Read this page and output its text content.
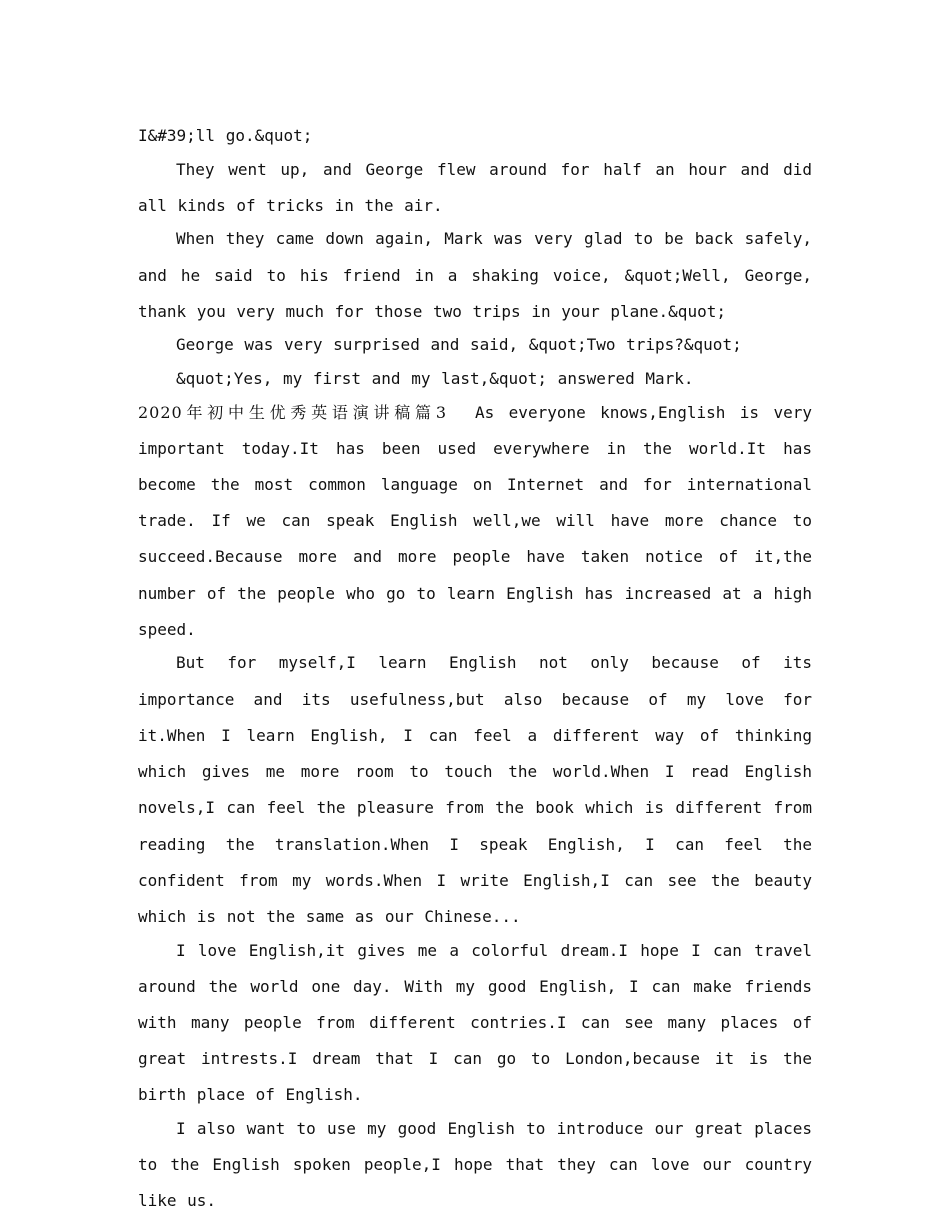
I&#39;ll go.&quot;

They went up, and George flew around for half an hour and did all kinds of tricks in the air.

When they came down again, Mark was very glad to be back safely, and he said to his friend in a shaking voice, &quot;Well, George, thank you very much for those two trips in your plane.&quot;

George was very surprised and said, &quot;Two trips?&quot;

&quot;Yes, my first and my last,&quot; answered Mark.

2020年初中生优秀英语演讲稿篇3 As everyone knows,English is very important today.It has been used everywhere in the world.It has become the most common language on Internet and for international trade. If we can speak English well,we will have more chance to succeed.Because more and more people have taken notice of it,the number of the people who go to learn English has increased at a high speed.

But for myself,I learn English not only because of its importance and its usefulness,but also because of my love for it.When I learn English, I can feel a different way of thinking which gives me more room to touch the world.When I read English novels,I can feel the pleasure from the book which is different from reading the translation.When I speak English, I can feel the confident from my words.When I write English,I can see the beauty which is not the same as our Chinese...

I love English,it gives me a colorful dream.I hope I can travel around the world one day. With my good English, I can make friends with many people from different contries.I can see many places of great intrests.I dream that I can go to London,because it is the birth place of English.

I also want to use my good English to introduce our great places to the English spoken people,I hope that they can love our country like us.
